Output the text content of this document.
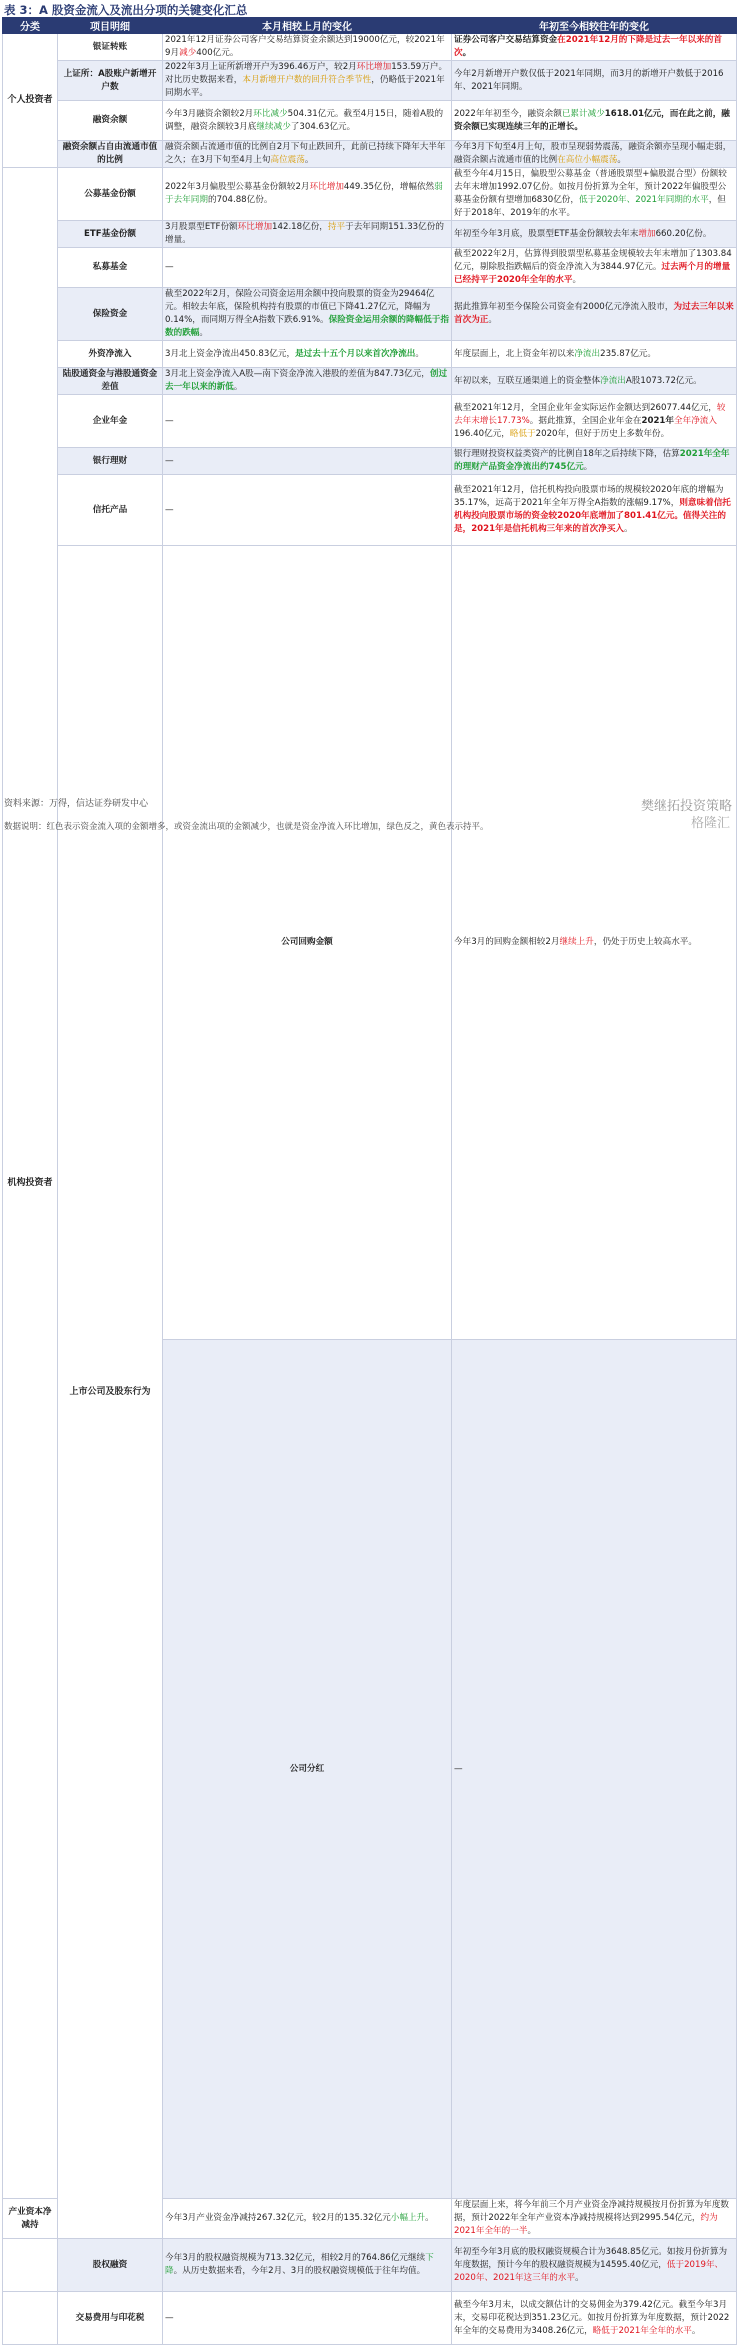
表 3：A 股资金流入及流出分项的关键变化汇总
分类	项目明细	本月相较上月的变化	年初至今相较往年的变化	
个人投资者	银证转账	2021年12月证券公司客户交易结算资金余额达到19000亿元，较2021年9月减少400亿元。	证券公司客户交易结算资金在2021年12月的下降是过去一年以来的首次。	
	上证所：A股账户新增开户数	2022年3月上证所新增开户为396.46万户，较2月环比增加153.59万户。对比历史数据来看，本月新增开户数的回升符合季节性，仍略低于2021年同期水平。	今年2月新增开户数仅低于2021年同期，而3月的新增开户数低于2016年、2021年同期。	
	融资余额	今年3月融资余额较2月环比减少504.31亿元。截至4月15日，随着A股的调整，融资余额较3月底继续减少了304.63亿元。	2022年年初至今，融资余额已累计减少1618.01亿元，而在此之前，融资余额已实现连续三年的正增长。	
	融资余额占自由流通市值的比例	融资余额占流通市值的比例自2月下旬止跌回升，此前已持续下降年大半年之久；在3月下旬至4月上旬高位震荡。	今年3月下旬至4月上旬，股市呈现弱势震荡，融资余额亦呈现小幅走弱，融资余额占流通市值的比例在高位小幅震荡。	
机构投资者	公募基金份额	2022年3月偏股型公募基金份额较2月环比增加449.35亿份，增幅依然弱于去年同期的704.88亿份。	截至今年4月15日，偏股型公募基金（普通股票型+偏股混合型）份额较去年末增加1992.07亿份。如按月份折算为全年，预计2022年偏股型公募基金份额有望增加6830亿份，低于2020年、2021年同期的水平，但好于2018年、2019年的水平。	
	ETF基金份额	3月股票型ETF份额环比增加142.18亿份，持平于去年同期151.33亿份的增量。	年初至今年3月底，股票型ETF基金份额较去年末增加660.20亿份。	
	私募基金	—	截至2022年2月，估算得到股票型私募基金规模较去年末增加了1303.84亿元，剔除股指跌幅后的资金净流入为3844.97亿元。过去两个月的增量已经持平于2020年全年的水平。	
	保险资金	截至2022年2月，保险公司资金运用余额中投向股票的资金为29464亿元。相较去年底，保险机构持有股票的市值已下降41.27亿元，降幅为0.14%，而同期万得全A指数下跌6.91%。保险资金运用余额的降幅低于指数的跌幅。	据此推算年初至今保险公司资金有2000亿元净流入股市，为过去三年以来首次为正。	
	外资净流入	3月北上资金净流出450.83亿元，是过去十五个月以来首次净流出。	年度层面上，北上资金年初以来净流出235.87亿元。	
	陆股通资金与港股通资金差值	3月北上资金净流入A股—南下资金净流入港股的差值为847.73亿元，创过去一年以来的新低。	年初以来，互联互通渠道上的资金整体净流出A股1073.72亿元。	
	企业年金	—	截至2021年12月，全国企业年金实际运作金额达到26077.44亿元，较去年末增长17.73%。据此推算，全国企业年金在2021年全年净流入196.40亿元，略低于2020年，但好于历史上多数年份。	
	银行理财	—	银行理财投资权益类资产的比例自18年之后持续下降，估算2021年全年的理财产品资金净流出约745亿元。	
	信托产品	—	截至2021年12月，信托机构投向股票市场的规模较2020年底的增幅为35.17%，远高于2021年全年万得全A指数的涨幅9.17%，则意味着信托机构投向股票市场的资金较2020年底增加了801.41亿元。值得关注的是，2021年是信托机构三年来的首次净买入。	
	上市公司及股东行为	公司回购金额	今年3月的回购金额相较2月继续上升，仍处于历史上较高水平。	
		公司分红	—	
产业资本净减持		今年3月产业资金净减持267.32亿元，较2月的135.32亿元小幅上升。	年度层面上来，将今年前三个月产业资金净减持规模按月份折算为年度数据，预计2022年全年产业资本净减持规模将达到2995.54亿元，约为2021年全年的一半。	
	股权融资	今年3月的股权融资规模为713.32亿元，相较2月的764.86亿元继续下降。从历史数据来看，今年2月、3月的股权融资规模低于往年均值。	年初至今年3月底的股权融资规模合计为3648.85亿元。如按月份折算为年度数据，预计今年的股权融资规模为14595.40亿元，低于2019年、2020年、2021年这三年的水平。	
	交易费用与印花税	—	截至今年3月末，以成交额估计的交易佣金为379.42亿元。截至今年3月末，交易印花税达到351.23亿元。如按月份折算为年度数据，预计2022年全年的交易费用为3408.26亿元，略低于2021年全年的水平。	
资料来源：万得，信达证券研发中心
数据说明：红色表示资金流入项的金额增多，或资金流出项的金额减少，也就是资金净流入环比增加，绿色反之，黄色表示持平。
樊继拓投资策略
格隆汇
